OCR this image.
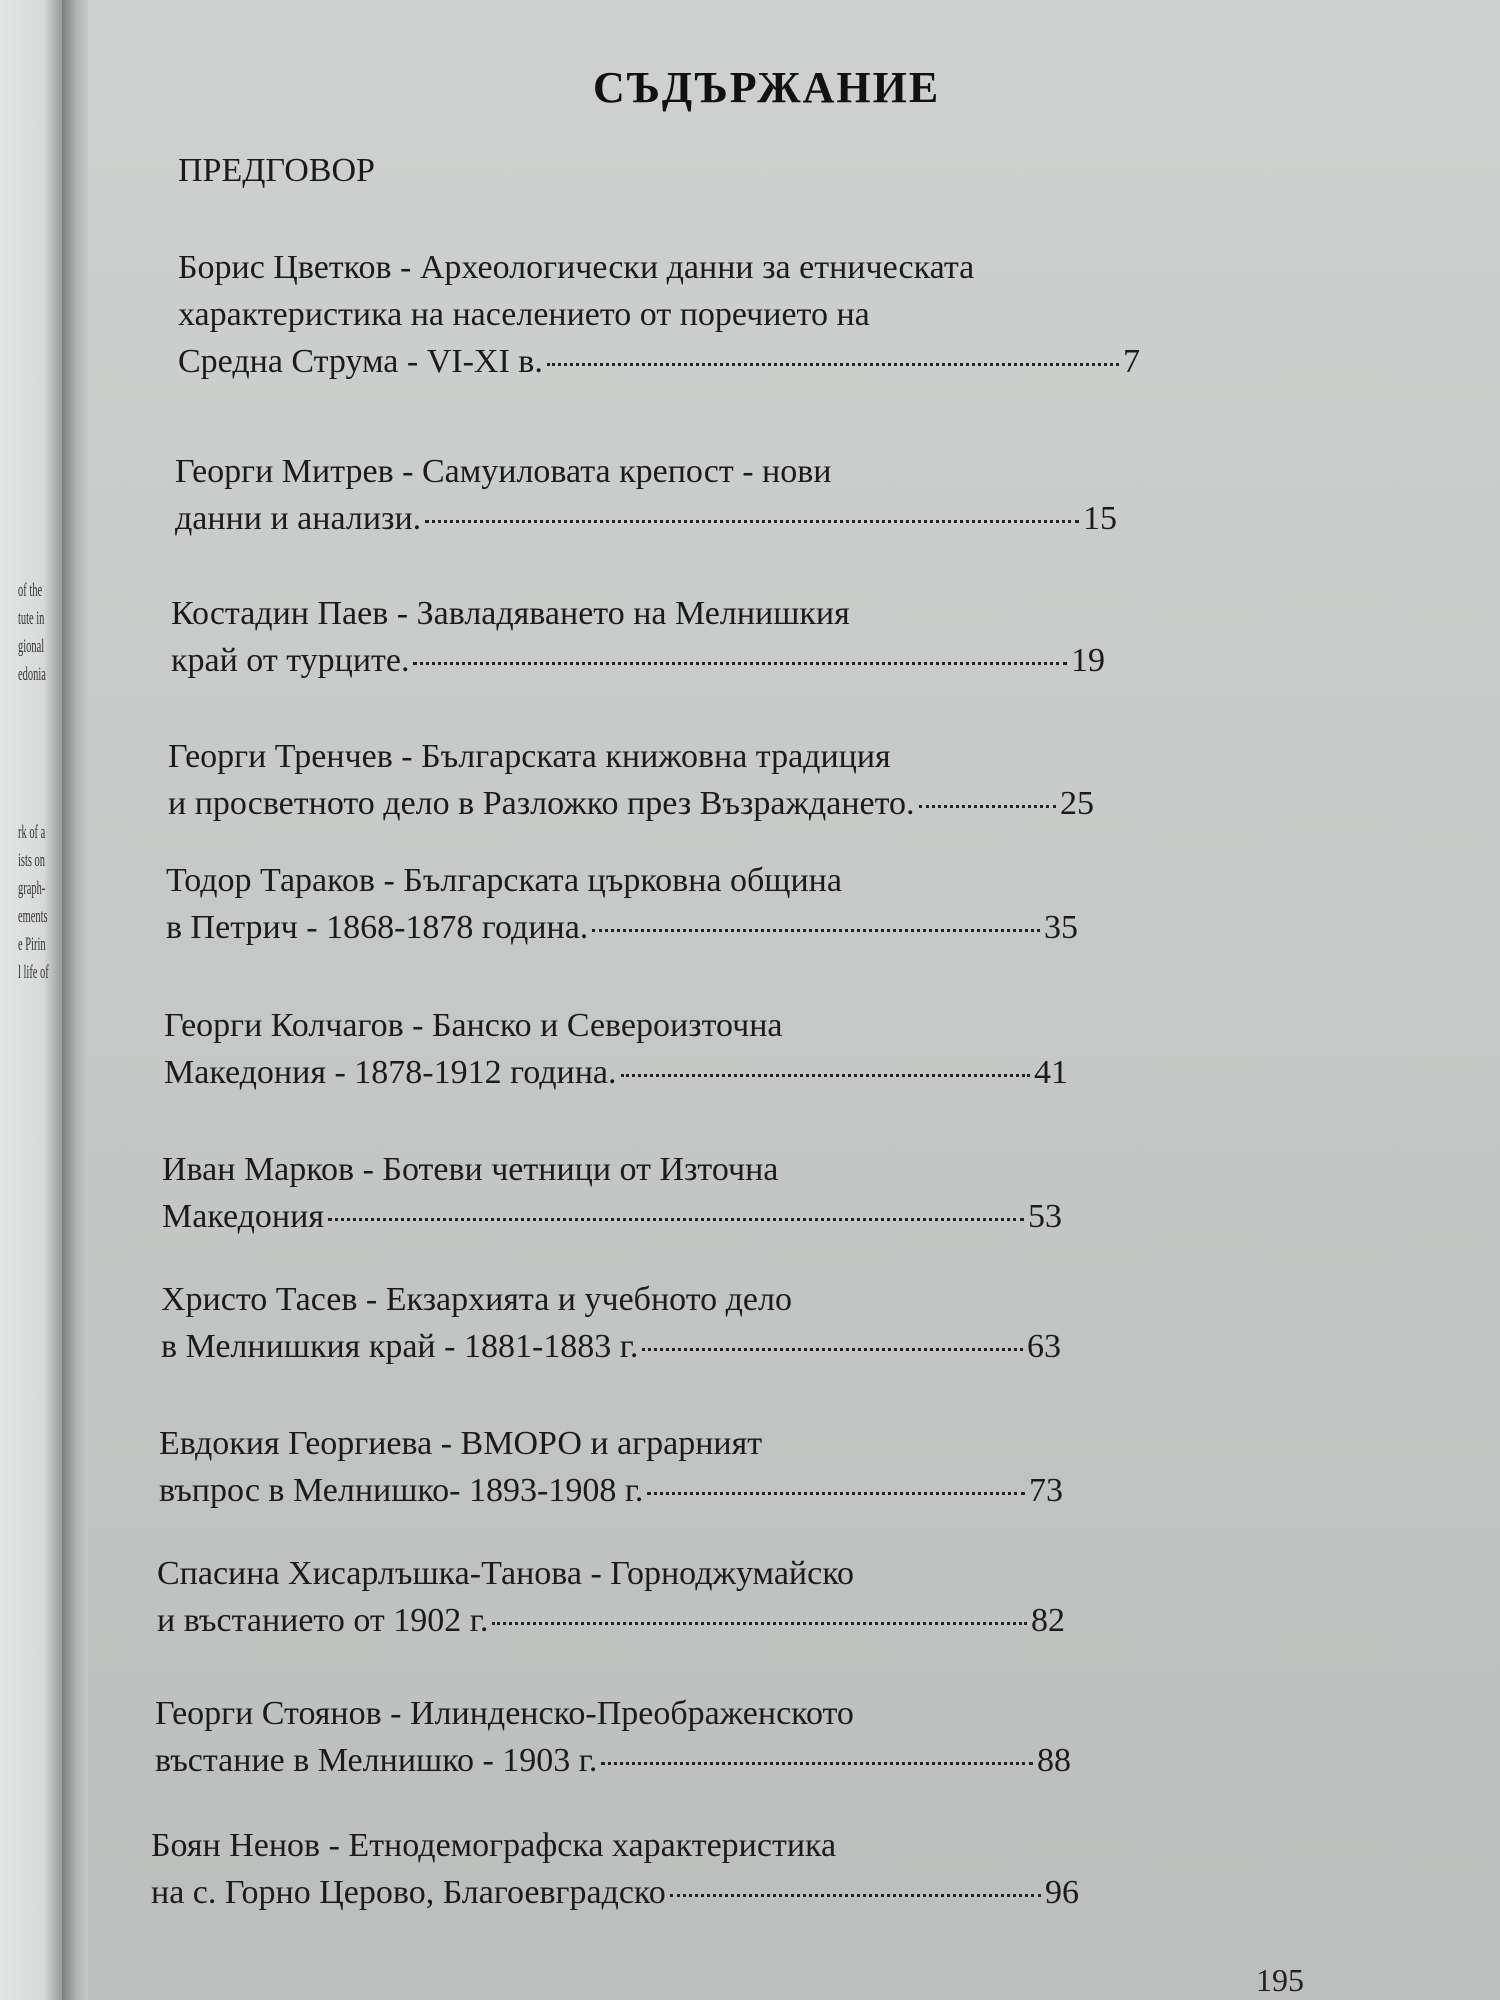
of the
tute in
gional
edonia
rk of a
ists on
graph-
ements
e Pirin
l life of
СЪДЪРЖАНИЕ
ПРЕДГОВОР
Борис Цветков - Археологически данни за етническата
характеристика на населението от поречието на
Средна Струма - VI-XI в.	7
Георги Митрев - Самуиловата крепост - нови
данни и анализи.	15
Костадин Паев - Завладяването на Мелнишкия
край от турците.	19
Георги Тренчев - Българската книжовна традиция
и просветното дело в Разложко през Възраждането.	25
Тодор Тараков - Българската църковна община
в Петрич - 1868-1878 година.	35
Георги Колчагов - Банско и Североизточна
Македония - 1878-1912 година.	41
Иван Марков - Ботеви четници от Източна
Македония	53
Христо Тасев - Екзархията и учебното дело
в Мелнишкия край - 1881-1883 г.	63
Евдокия Георгиева - ВМОРО и аграрният
въпрос в Мелнишко- 1893-1908 г.	73
Спасина Хисарлъшка-Танова - Горноджумайско
и въстанието от 1902 г.	82
Георги Стоянов - Илинденско-Преображенското
въстание в Мелнишко - 1903 г.	88
Боян Ненов - Етнодемографска характеристика
на с. Горно Церово, Благоевградско	96
195
